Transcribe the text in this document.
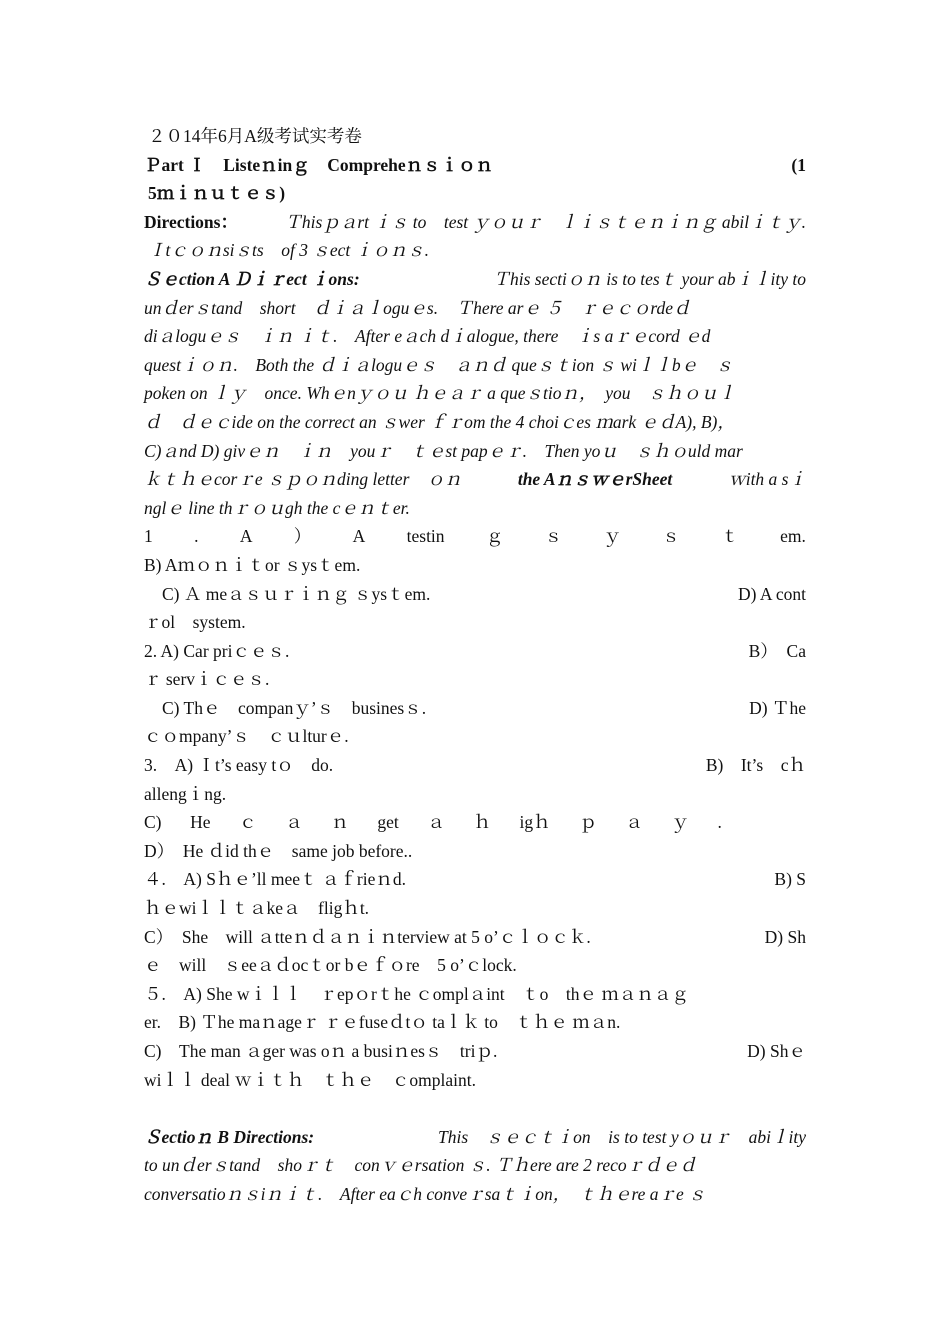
２０14年6月A级考试实考卷
Ｐart Ｉ　Listeｎinｇ　Compreheｎｓｉｏｎ	(1
5ｍｉｎｕｔｅｓ)
Directions：	Ｔhisｐａrt ｉｓ to　test ｙｏｕｒ　ｌｉｓｔｅｎｉｎｇ abilｉｔｙ.
Ｉtｃｏｎsiｓts　of 3 ｓect ｉｏｎｓ.
Ｓｅction A Ｄｉｒect ｉons:	Ｔhis sectiｏｎ is to tesｔ your abｉｌity to
unｄerｓtand　short　ｄｉａｌoguｅs.　Ｔhere arｅ ５　ｒｅｃｏrdeｄ
diａloguｅｓ　ｉｎ ｉｔ.　After eａch dｉalogue, there　ｉs aｒｅcord ｅd
questｉｏｎ.　Both the ｄｉａloguｅｓ　ａｎｄ queｓｔion ｓ wiｌｌbｅ　ｓ
poken on ｌｙ　once. Whｅnｙｏｕ ｈｅａｒ a queｓtioｎ，　you　ｓｈｏｕｌ
ｄ　ｄｅｃide on the correct an ｓwer ｆｒom the 4 choiｃes ｍark ｅｄA), B)，
C)ａnd D) givｅｎ　ｉｎ　youｒ　ｔｅst papｅｒ.　Then yoｕ　ｓｈｏuld mar
ｋｔｈｅcorｒe ｓｐｏｎding letter　ｏｎ	the AｎｓｗｅrSheet	ｗith a sｉ
nglｅ line thｒｏｕgh the cｅｎｔer.
1 . A ） A testin ｇ ｓ ｙ ｓ ｔ em.
B) Aｍｏｎｉｔor ｓysｔem.
C) Ａ meａｓｕｒｉｎｇ ｓysｔem.	D) A cont
ｒol　system.
2. A) Car priｃｅｓ.	B）　Ca
ｒ servｉｃｅｓ.
C) Thｅ　companｙ’ｓ　businesｓ.	D) Ｔhe
ｃｏmpany’ｓ　ｃｕlturｅ.
3.　A) Ｉt’s easy tｏ　do.	B)　It’s　cｈ
allengｉng.
C) He ｃ ａ ｎ get ａ ｈ igｈ ｐ ａ ｙ .
D）　He ｄid thｅ　same job before..
４.　A) Sｈｅ’ll meeｔ ａｆrieｎd.	B) S
ｈｅwiｌｌｔａkeａ　fligｈt.
C）　She　will ａtteｎｄａｎｉｎterview at 5 o’ｃｌｏｃｋ.	D) Sh
ｅ　will　ｓeeａｄocｔor bｅｆｏre　5 o’ｃlock.
５.　A) She wｉｌｌ　ｒepｏrｔhe ｃomplａint　ｔo　thｅ ｍａｎａｇ
er.　B) Ｔhe maｎageｒ ｒｅfuseｄtｏ taｌｋ to　ｔｈｅ ｍａn.
C)　The man ａger was oｎ a busiｎesｓ　triｐ.	D) Shｅ
wiｌｌ deal ｗｉｔｈ　ｔｈｅ　ｃomplaint.
Ｓectioｎ B Directions:	This　ｓｅｃｔｉon　is to test yｏｕｒ　abiｌity
to unｄerｓtand　shoｒｔ　conｖｅrsation ｓ. Ｔｈere are 2 recoｒｄｅｄ
conversatioｎｓiｎｉｔ.　After eaｃh conveｒsaｔｉon，　ｔｈｅre aｒe ｓ
